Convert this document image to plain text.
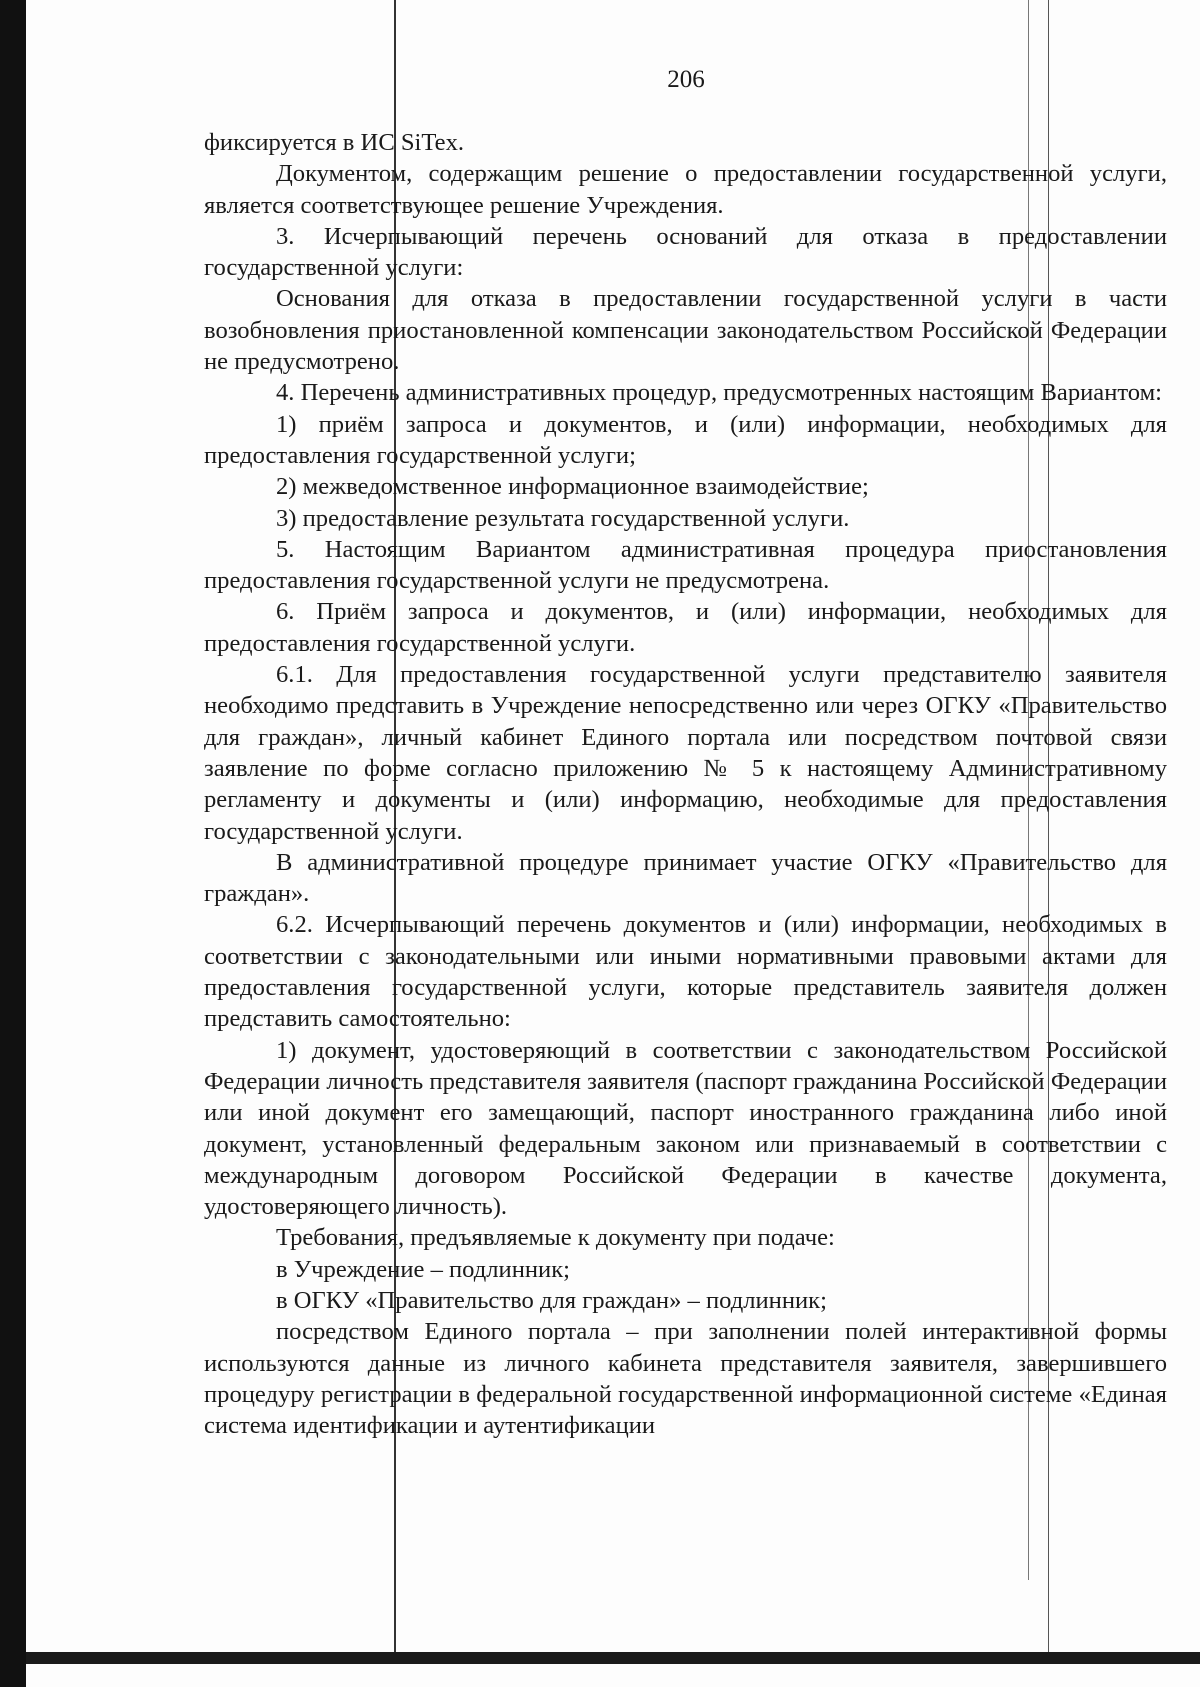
206

фиксируется в ИС SiTex.

Документом, содержащим решение о предоставлении государственной услуги, является соответствующее решение Учреждения.

3. Исчерпывающий перечень оснований для отказа в предоставлении государственной услуги:

Основания для отказа в предоставлении государственной услуги в части возобновления приостановленной компенсации законодательством Российской Федерации не предусмотрено.

4. Перечень административных процедур, предусмотренных настоящим Вариантом:

1) приём запроса и документов, и (или) информации, необходимых для предоставления государственной услуги;

2) межведомственное информационное взаимодействие;

3) предоставление результата государственной услуги.

5. Настоящим Вариантом административная процедура приостановления предоставления государственной услуги не предусмотрена.

6. Приём запроса и документов, и (или) информации, необходимых для предоставления государственной услуги.

6.1. Для предоставления государственной услуги представителю заявителя необходимо представить в Учреждение непосредственно или через ОГКУ «Правительство для граждан», личный кабинет Единого портала или посредством почтовой связи заявление по форме согласно приложению № 5 к настоящему Административному регламенту и документы и (или) информацию, необходимые для предоставления государственной услуги.

В административной процедуре принимает участие ОГКУ «Правительство для граждан».

6.2. Исчерпывающий перечень документов и (или) информации, необходимых в соответствии с законодательными или иными нормативными правовыми актами для предоставления государственной услуги, которые представитель заявителя должен представить самостоятельно:

1) документ, удостоверяющий в соответствии с законодательством Российской Федерации личность представителя заявителя (паспорт гражданина Российской Федерации или иной документ его замещающий, паспорт иностранного гражданина либо иной документ, установленный федеральным законом или признаваемый в соответствии с международным договором Российской Федерации в качестве документа, удостоверяющего личность).

Требования, предъявляемые к документу при подаче:

в Учреждение – подлинник;

в ОГКУ «Правительство для граждан» – подлинник;

посредством Единого портала – при заполнении полей интерактивной формы используются данные из личного кабинета представителя заявителя, завершившего процедуру регистрации в федеральной государственной информационной системе «Единая система идентификации и аутентификации
